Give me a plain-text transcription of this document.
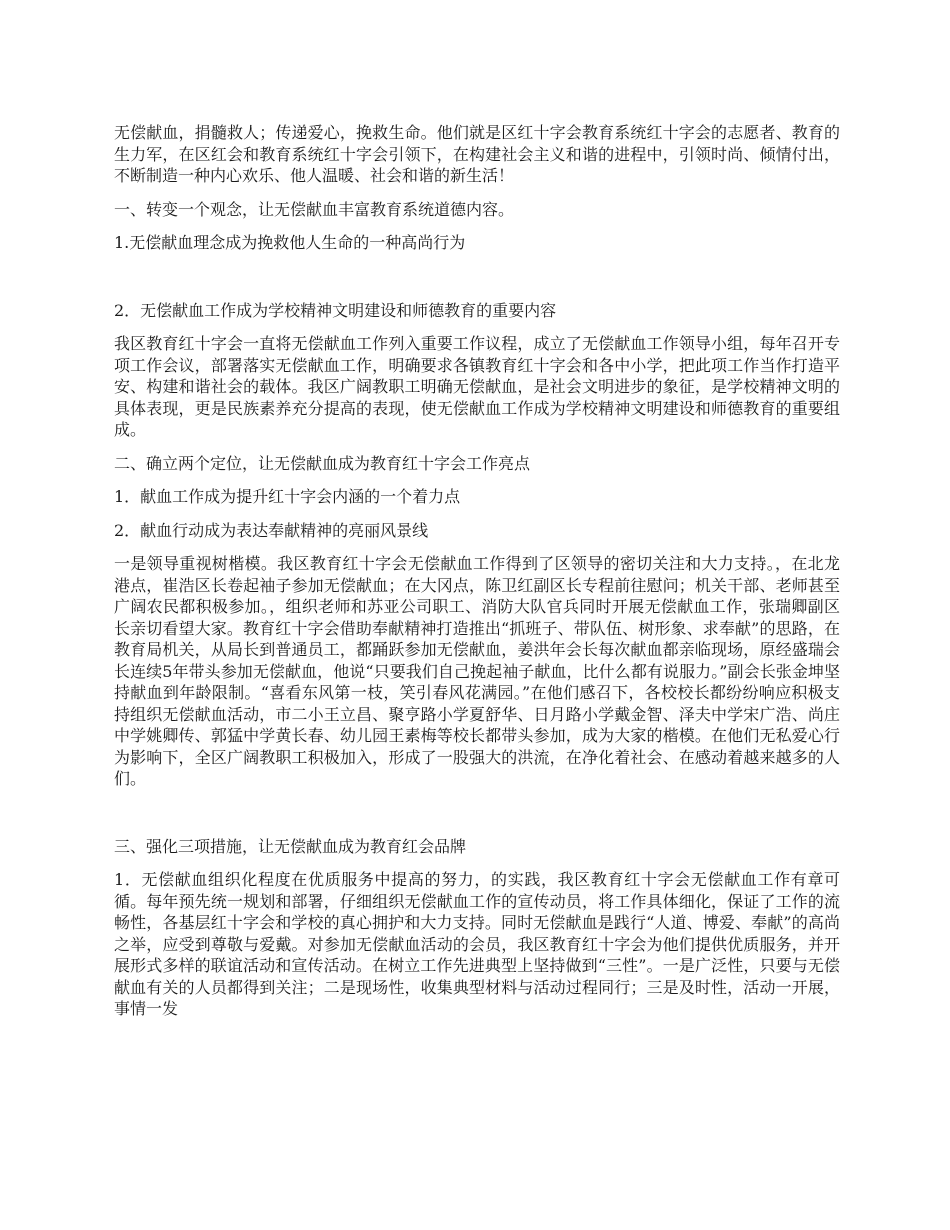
无偿献血，捐髓救人；传递爱心，挽救生命。他们就是区红十字会教育系统红十字会的志愿者、教育的生力军，在区红会和教育系统红十字会引领下，在构建社会主义和谐的进程中，引领时尚、倾情付出，不断制造一种内心欢乐、他人温暖、社会和谐的新生活！

一、转变一个观念，让无偿献血丰富教育系统道德内容。

1.无偿献血理念成为挽救他人生命的一种高尚行为

2．无偿献血工作成为学校精神文明建设和师德教育的重要内容

我区教育红十字会一直将无偿献血工作列入重要工作议程，成立了无偿献血工作领导小组，每年召开专项工作会议，部署落实无偿献血工作，明确要求各镇教育红十字会和各中小学，把此项工作当作打造平安、构建和谐社会的载体。我区广阔教职工明确无偿献血，是社会文明进步的象征，是学校精神文明的具体表现，更是民族素养充分提高的表现，使无偿献血工作成为学校精神文明建设和师德教育的重要组成。

二、确立两个定位，让无偿献血成为教育红十字会工作亮点

1．献血工作成为提升红十字会内涵的一个着力点

2．献血行动成为表达奉献精神的亮丽风景线

一是领导重视树楷模。我区教育红十字会无偿献血工作得到了区领导的密切关注和大力支持。，在北龙港点，崔浩区长卷起袖子参加无偿献血；在大冈点，陈卫红副区长专程前往慰问；机关干部、老师甚至广阔农民都积极参加。，组织老师和苏亚公司职工、消防大队官兵同时开展无偿献血工作，张瑞卿副区长亲切看望大家。教育红十字会借助奉献精神打造推出“抓班子、带队伍、树形象、求奉献”的思路，在教育局机关，从局长到普通员工，都踊跃参加无偿献血，姜洪年会长每次献血都亲临现场，原经盛瑞会长连续5年带头参加无偿献血，他说“只要我们自己挽起袖子献血，比什么都有说服力。”副会长张金坤坚持献血到年龄限制。“喜看东风第一枝，笑引春风花满园。”在他们感召下，各校校长都纷纷响应积极支持组织无偿献血活动，市二小王立昌、聚亨路小学夏舒华、日月路小学戴金智、泽夫中学宋广浩、尚庄中学姚卿传、郭猛中学黄长春、幼儿园王素梅等校长都带头参加，成为大家的楷模。在他们无私爱心行为影响下，全区广阔教职工积极加入，形成了一股强大的洪流，在净化着社会、在感动着越来越多的人们。

三、强化三项措施，让无偿献血成为教育红会品牌

1．无偿献血组织化程度在优质服务中提高的努力，的实践，我区教育红十字会无偿献血工作有章可循。每年预先统一规划和部署，仔细组织无偿献血工作的宣传动员，将工作具体细化，保证了工作的流畅性，各基层红十字会和学校的真心拥护和大力支持。同时无偿献血是践行“人道、博爱、奉献”的高尚之举，应受到尊敬与爱戴。对参加无偿献血活动的会员，我区教育红十字会为他们提供优质服务，并开展形式多样的联谊活动和宣传活动。在树立工作先进典型上坚持做到“三性”。一是广泛性，只要与无偿献血有关的人员都得到关注；二是现场性，收集典型材料与活动过程同行；三是及时性，活动一开展，事情一发
